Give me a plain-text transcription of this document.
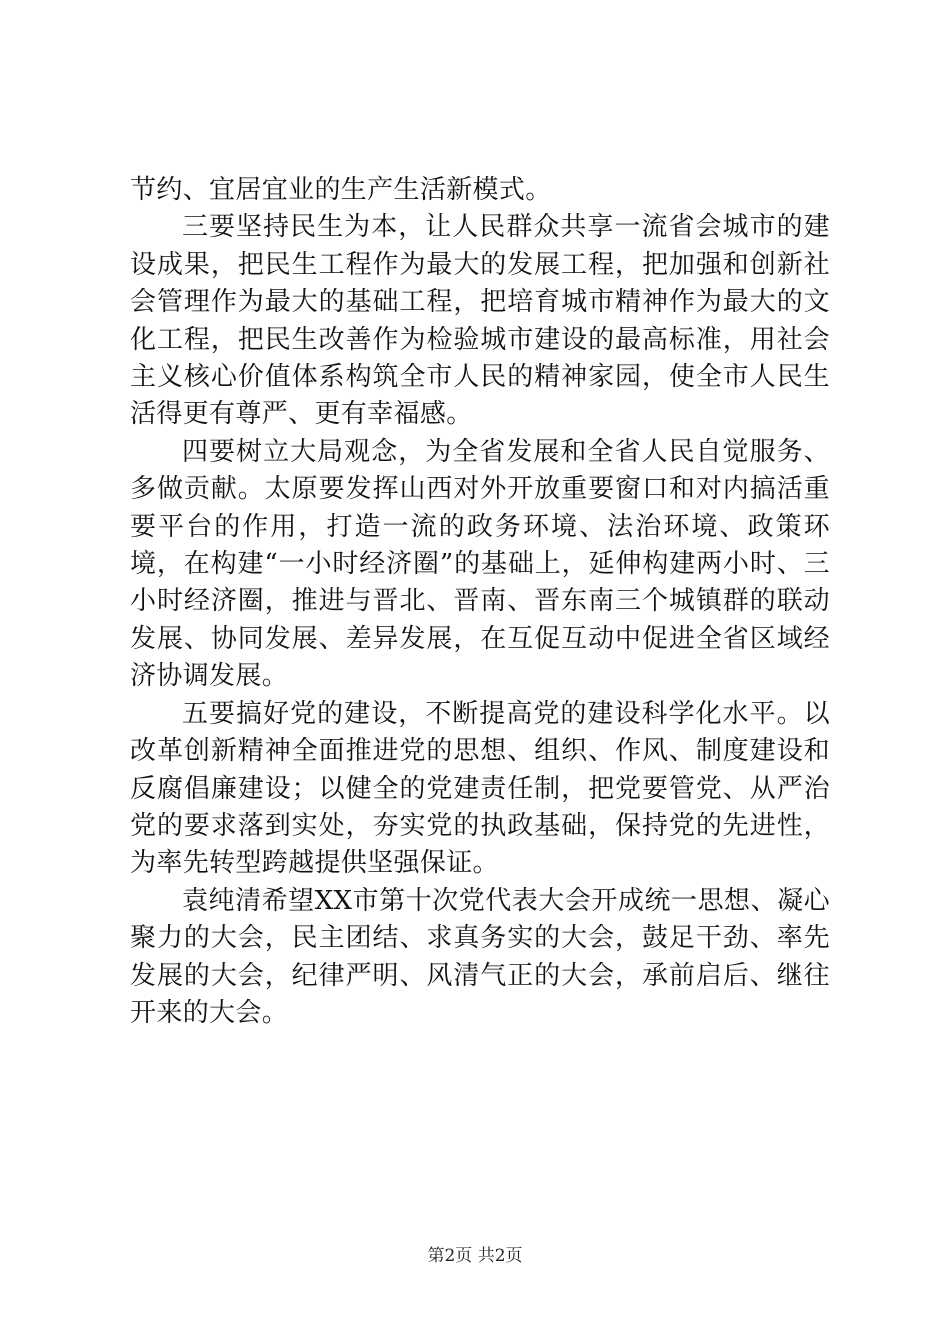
节约、宜居宜业的生产生活新模式。

三要坚持民生为本，让人民群众共享一流省会城市的建设成果，把民生工程作为最大的发展工程，把加强和创新社会管理作为最大的基础工程，把培育城市精神作为最大的文化工程，把民生改善作为检验城市建设的最高标准，用社会主义核心价值体系构筑全市人民的精神家园，使全市人民生活得更有尊严、更有幸福感。

四要树立大局观念，为全省发展和全省人民自觉服务、多做贡献。太原要发挥山西对外开放重要窗口和对内搞活重要平台的作用，打造一流的政务环境、法治环境、政策环境，在构建“一小时经济圈”的基础上，延伸构建两小时、三小时经济圈，推进与晋北、晋南、晋东南三个城镇群的联动发展、协同发展、差异发展，在互促互动中促进全省区域经济协调发展。

五要搞好党的建设，不断提高党的建设科学化水平。以改革创新精神全面推进党的思想、组织、作风、制度建设和反腐倡廉建设；以健全的党建责任制，把党要管党、从严治党的要求落到实处，夯实党的执政基础，保持党的先进性，为率先转型跨越提供坚强保证。

袁纯清希望XX市第十次党代表大会开成统一思想、凝心聚力的大会，民主团结、求真务实的大会，鼓足干劲、率先发展的大会，纪律严明、风清气正的大会，承前启后、继往开来的大会。

第2页 共2页
